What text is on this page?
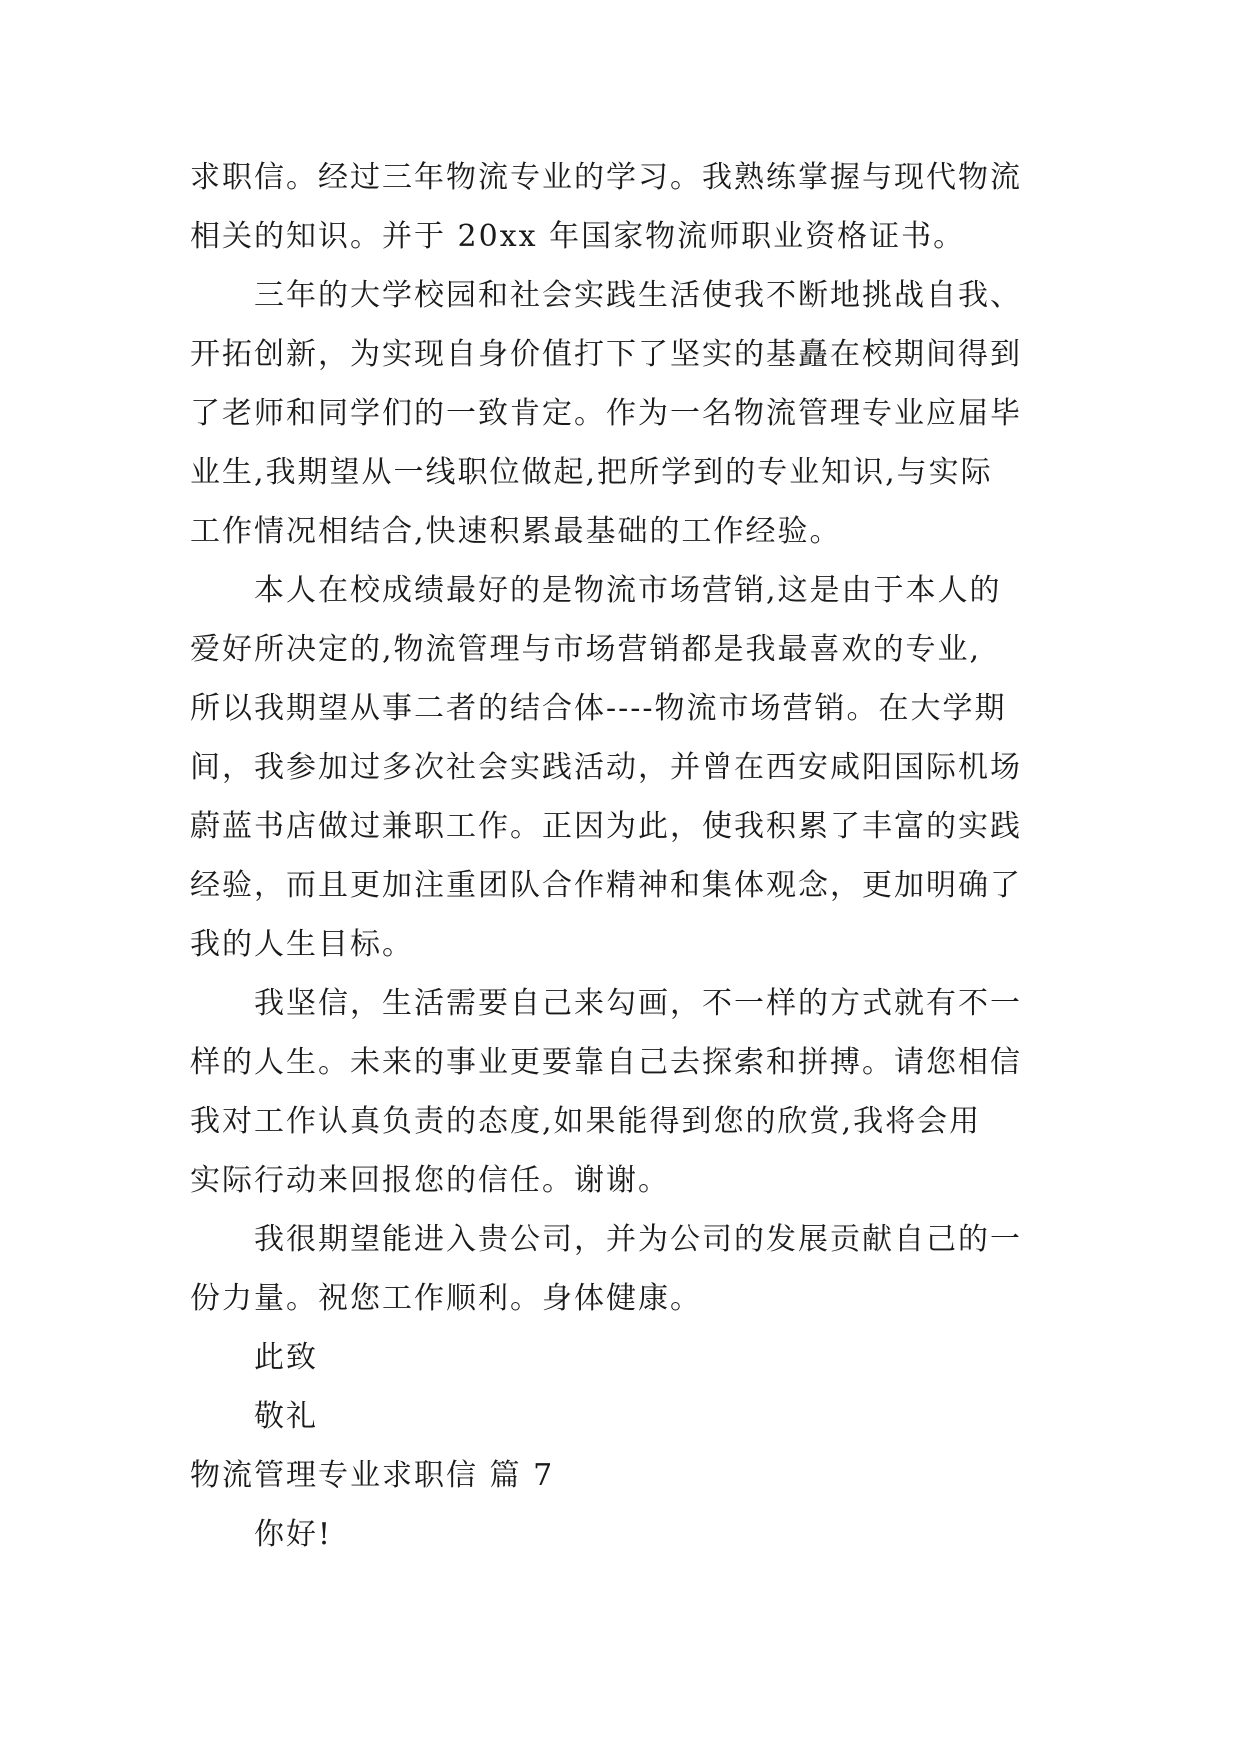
求职信。经过三年物流专业的学习。我熟练掌握与现代物流
相关的知识。并于 20xx 年国家物流师职业资格证书。
三年的大学校园和社会实践生活使我不断地挑战自我、
开拓创新，为实现自身价值打下了坚实的基矗在校期间得到
了老师和同学们的一致肯定。作为一名物流管理专业应届毕
业生,我期望从一线职位做起,把所学到的专业知识,与实际
工作情况相结合,快速积累最基础的工作经验。
本人在校成绩最好的是物流市场营销,这是由于本人的
爱好所决定的,物流管理与市场营销都是我最喜欢的专业,
所以我期望从事二者的结合体----物流市场营销。在大学期
间，我参加过多次社会实践活动，并曾在西安咸阳国际机场
蔚蓝书店做过兼职工作。正因为此，使我积累了丰富的实践
经验，而且更加注重团队合作精神和集体观念，更加明确了
我的人生目标。
我坚信，生活需要自己来勾画，不一样的方式就有不一
样的人生。未来的事业更要靠自己去探索和拼搏。请您相信
我对工作认真负责的态度,如果能得到您的欣赏,我将会用
实际行动来回报您的信任。谢谢。
我很期望能进入贵公司，并为公司的发展贡献自己的一
份力量。祝您工作顺利。身体健康。
此致
敬礼
物流管理专业求职信 篇 7
你好!
